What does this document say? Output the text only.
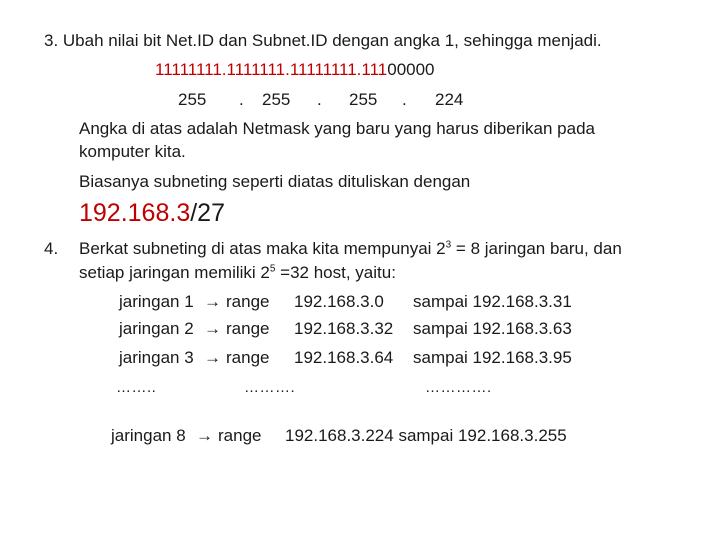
3. Ubah nilai bit Net.ID dan Subnet.ID dengan angka 1, sehingga menjadi.
11111111.1111111.11111111.11100000
255 . 255 . 255 . 224
Angka di atas adalah Netmask yang baru yang harus diberikan pada
komputer kita.
Biasanya subneting seperti diatas dituliskan dengan
192.168.3/27
4. Berkat subneting di atas maka kita mempunyai $2^3 = 8$ jaringan baru, dan
setiap jaringan memiliki $2^5 =32$ host, yaitu:
jaringan 1 → range 192.168.3.0 sampai 192.168.3.31
jaringan 2 → range 192.168.3.32 sampai 192.168.3.63
jaringan 3 → range 192.168.3.64 sampai 192.168.3.95
……..	……….	………….
jaringan 8 → range 192.168.3.224 sampai 192.168.3.255
